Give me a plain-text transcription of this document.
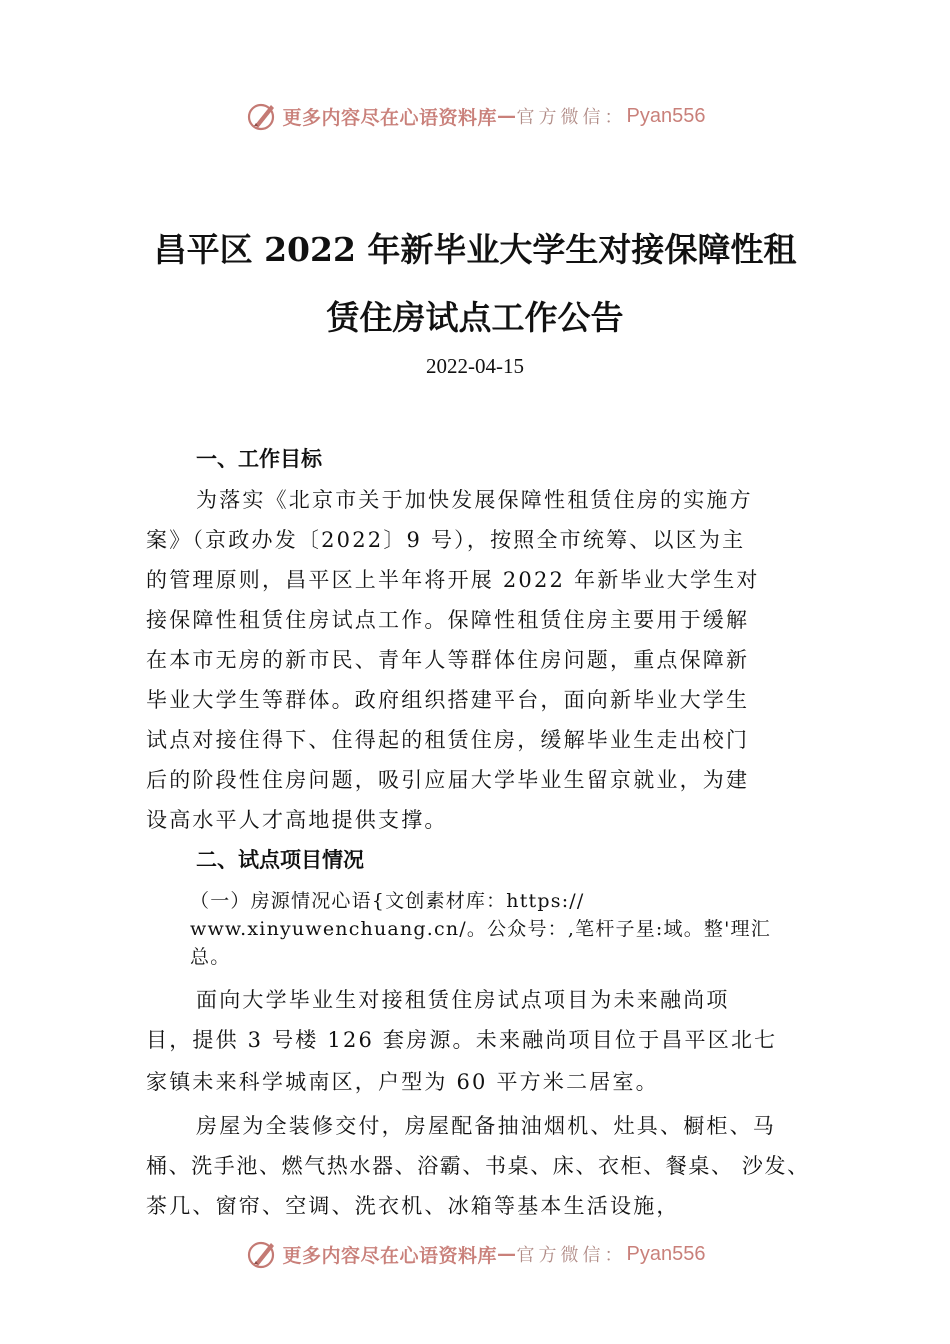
更多内容尽在心语资料库 — 官方微信： Pyan556
昌平区 2022 年新毕业大学生对接保障性租
赁住房试点工作公告
2022-04-15
一、工作目标
为落实《北京市关于加快发展保障性租赁住房的实施方
案》（京政办发〔2022〕9 号），按照全市统筹、以区为主
的管理原则，昌平区上半年将开展 2022 年新毕业大学生对
接保障性租赁住房试点工作。保障性租赁住房主要用于缓解
在本市无房的新市民、青年人等群体住房问题，重点保障新
毕业大学生等群体。政府组织搭建平台，面向新毕业大学生
试点对接住得下、住得起的租赁住房，缓解毕业生走出校门
后的阶段性住房问题，吸引应届大学毕业生留京就业，为建
设高水平人才高地提供支撑。
二、试点项目情况
（一）房源情况心语{文创素材库：https://
www.xinyuwenchuang.cn/。公众号：,笔杆子星:域。整'理汇
总。
面向大学毕业生对接租赁住房试点项目为未来融尚项
目，提供 3 号楼 126 套房源。未来融尚项目位于昌平区北七
家镇未来科学城南区，户型为 60 平方米二居室。
房屋为全装修交付，房屋配备抽油烟机、灶具、橱柜、马
桶、洗手池、燃气热水器、浴霸、书桌、床、衣柜、餐桌、 沙发、
茶几、窗帘、空调、洗衣机、冰箱等基本生活设施，
更多内容尽在心语资料库 — 官方微信： Pyan556
